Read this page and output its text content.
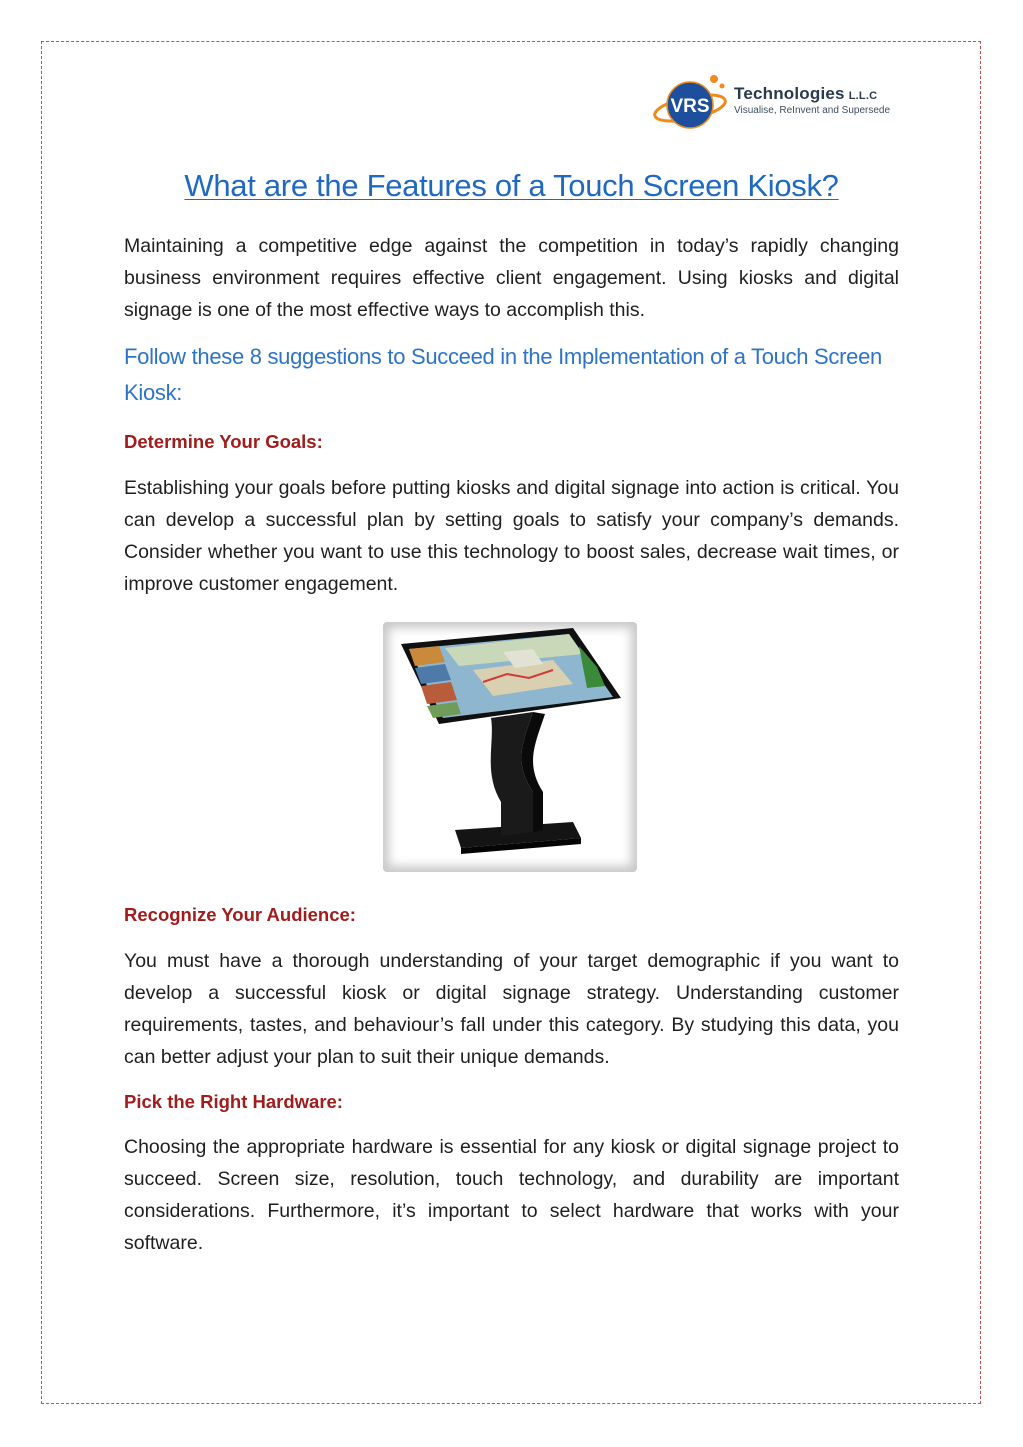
VRS
Technologies L.L.C
Visualise, ReInvent and Supersede
What are the Features of a Touch Screen Kiosk?

Maintaining a competitive edge against the competition in today’s rapidly changing business environment requires effective client engagement. Using kiosks and digital signage is one of the most effective ways to accomplish this.

Follow these 8 suggestions to Succeed in the Implementation of a Touch Screen Kiosk:
Determine Your Goals:

Establishing your goals before putting kiosks and digital signage into action is critical. You can develop a successful plan by setting goals to satisfy your company’s demands. Consider whether you want to use this technology to boost sales, decrease wait times, or improve customer engagement.

Recognize Your Audience:

You must have a thorough understanding of your target demographic if you want to develop a successful kiosk or digital signage strategy. Understanding customer requirements, tastes, and behaviour’s fall under this category. By studying this data, you can better adjust your plan to suit their unique demands.

Pick the Right Hardware:

Choosing the appropriate hardware is essential for any kiosk or digital signage project to succeed. Screen size, resolution, touch technology, and durability are important considerations. Furthermore, it’s important to select hardware that works with your software.
